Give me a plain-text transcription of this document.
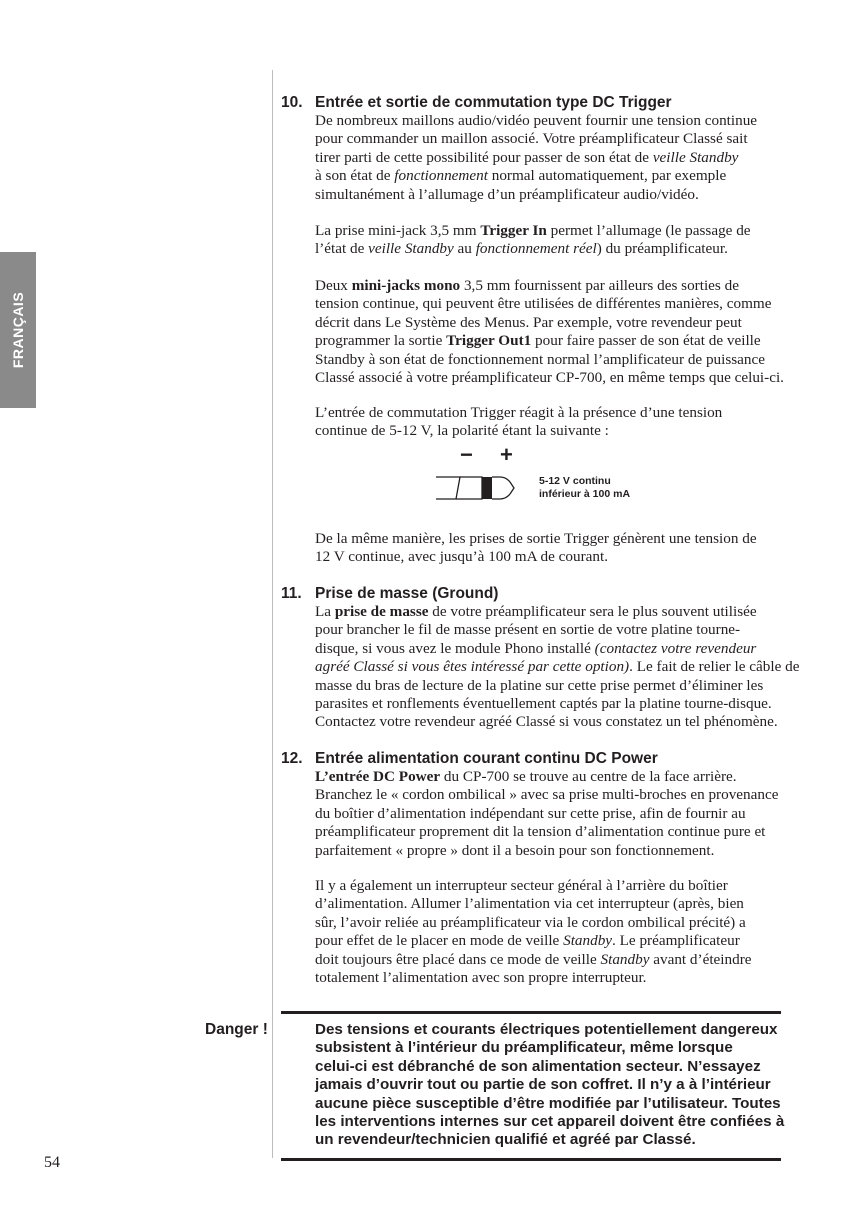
FRANÇAIS
10. Entrée et sortie de commutation type DC Trigger

De nombreux maillons audio/vidéo peuvent fournir une tension continue
pour commander un maillon associé. Votre préamplificateur Classé sait
tirer parti de cette possibilité pour passer de son état de veille Standby
à son état de fonctionnement normal automatiquement, par exemple
simultanément à l’allumage d’un préamplificateur audio/vidéo.

La prise mini-jack 3,5 mm Trigger In permet l’allumage (le passage de
l’état de veille Standby au fonctionnement réel) du préamplificateur.

Deux mini-jacks mono 3,5 mm fournissent par ailleurs des sorties de
tension continue, qui peuvent être utilisées de différentes manières, comme
décrit dans Le Système des Menus. Par exemple, votre revendeur peut
programmer la sortie Trigger Out1 pour faire passer de son état de veille
Standby à son état de fonctionnement normal l’amplificateur de puissance
Classé associé à votre préamplificateur CP-700, en même temps que celui-ci.

L’entrée de commutation Trigger réagit à la présence d’une tension
continue de 5-12 V, la polarité étant la suivante :

− +
5-12 V continu
inférieur à 100 mA

De la même manière, les prises de sortie Trigger génèrent une tension de
12 V continue, avec jusqu’à 100 mA de courant.

11. Prise de masse (Ground)

La prise de masse de votre préamplificateur sera le plus souvent utilisée
pour brancher le fil de masse présent en sortie de votre platine tourne-
disque, si vous avez le module Phono installé (contactez votre revendeur
agréé Classé si vous êtes intéressé par cette option). Le fait de relier le câble de
masse du bras de lecture de la platine sur cette prise permet d’éliminer les
parasites et ronflements éventuellement captés par la platine tourne-disque.
Contactez votre revendeur agréé Classé si vous constatez un tel phénomène.

12. Entrée alimentation courant continu DC Power

L’entrée DC Power du CP-700 se trouve au centre de la face arrière.
Branchez le « cordon ombilical » avec sa prise multi-broches en provenance
du boîtier d’alimentation indépendant sur cette prise, afin de fournir au
préamplificateur proprement dit la tension d’alimentation continue pure et
parfaitement « propre » dont il a besoin pour son fonctionnement.

Il y a également un interrupteur secteur général à l’arrière du boîtier
d’alimentation. Allumer l’alimentation via cet interrupteur (après, bien
sûr, l’avoir reliée au préamplificateur via le cordon ombilical précité) a
pour effet de le placer en mode de veille Standby. Le préamplificateur
doit toujours être placé dans ce mode de veille Standby avant d’éteindre
totalement l’alimentation avec son propre interrupteur.

Danger !	Des tensions et courants électriques potentiellement dangereux
subsistent à l’intérieur du préamplificateur, même lorsque
celui-ci est débranché de son alimentation secteur. N’essayez
jamais d’ouvrir tout ou partie de son coffret. Il n’y a à l’intérieur
aucune pièce susceptible d’être modifiée par l’utilisateur. Toutes
les interventions internes sur cet appareil doivent être confiées à
un revendeur/technicien qualifié et agréé par Classé.

54
